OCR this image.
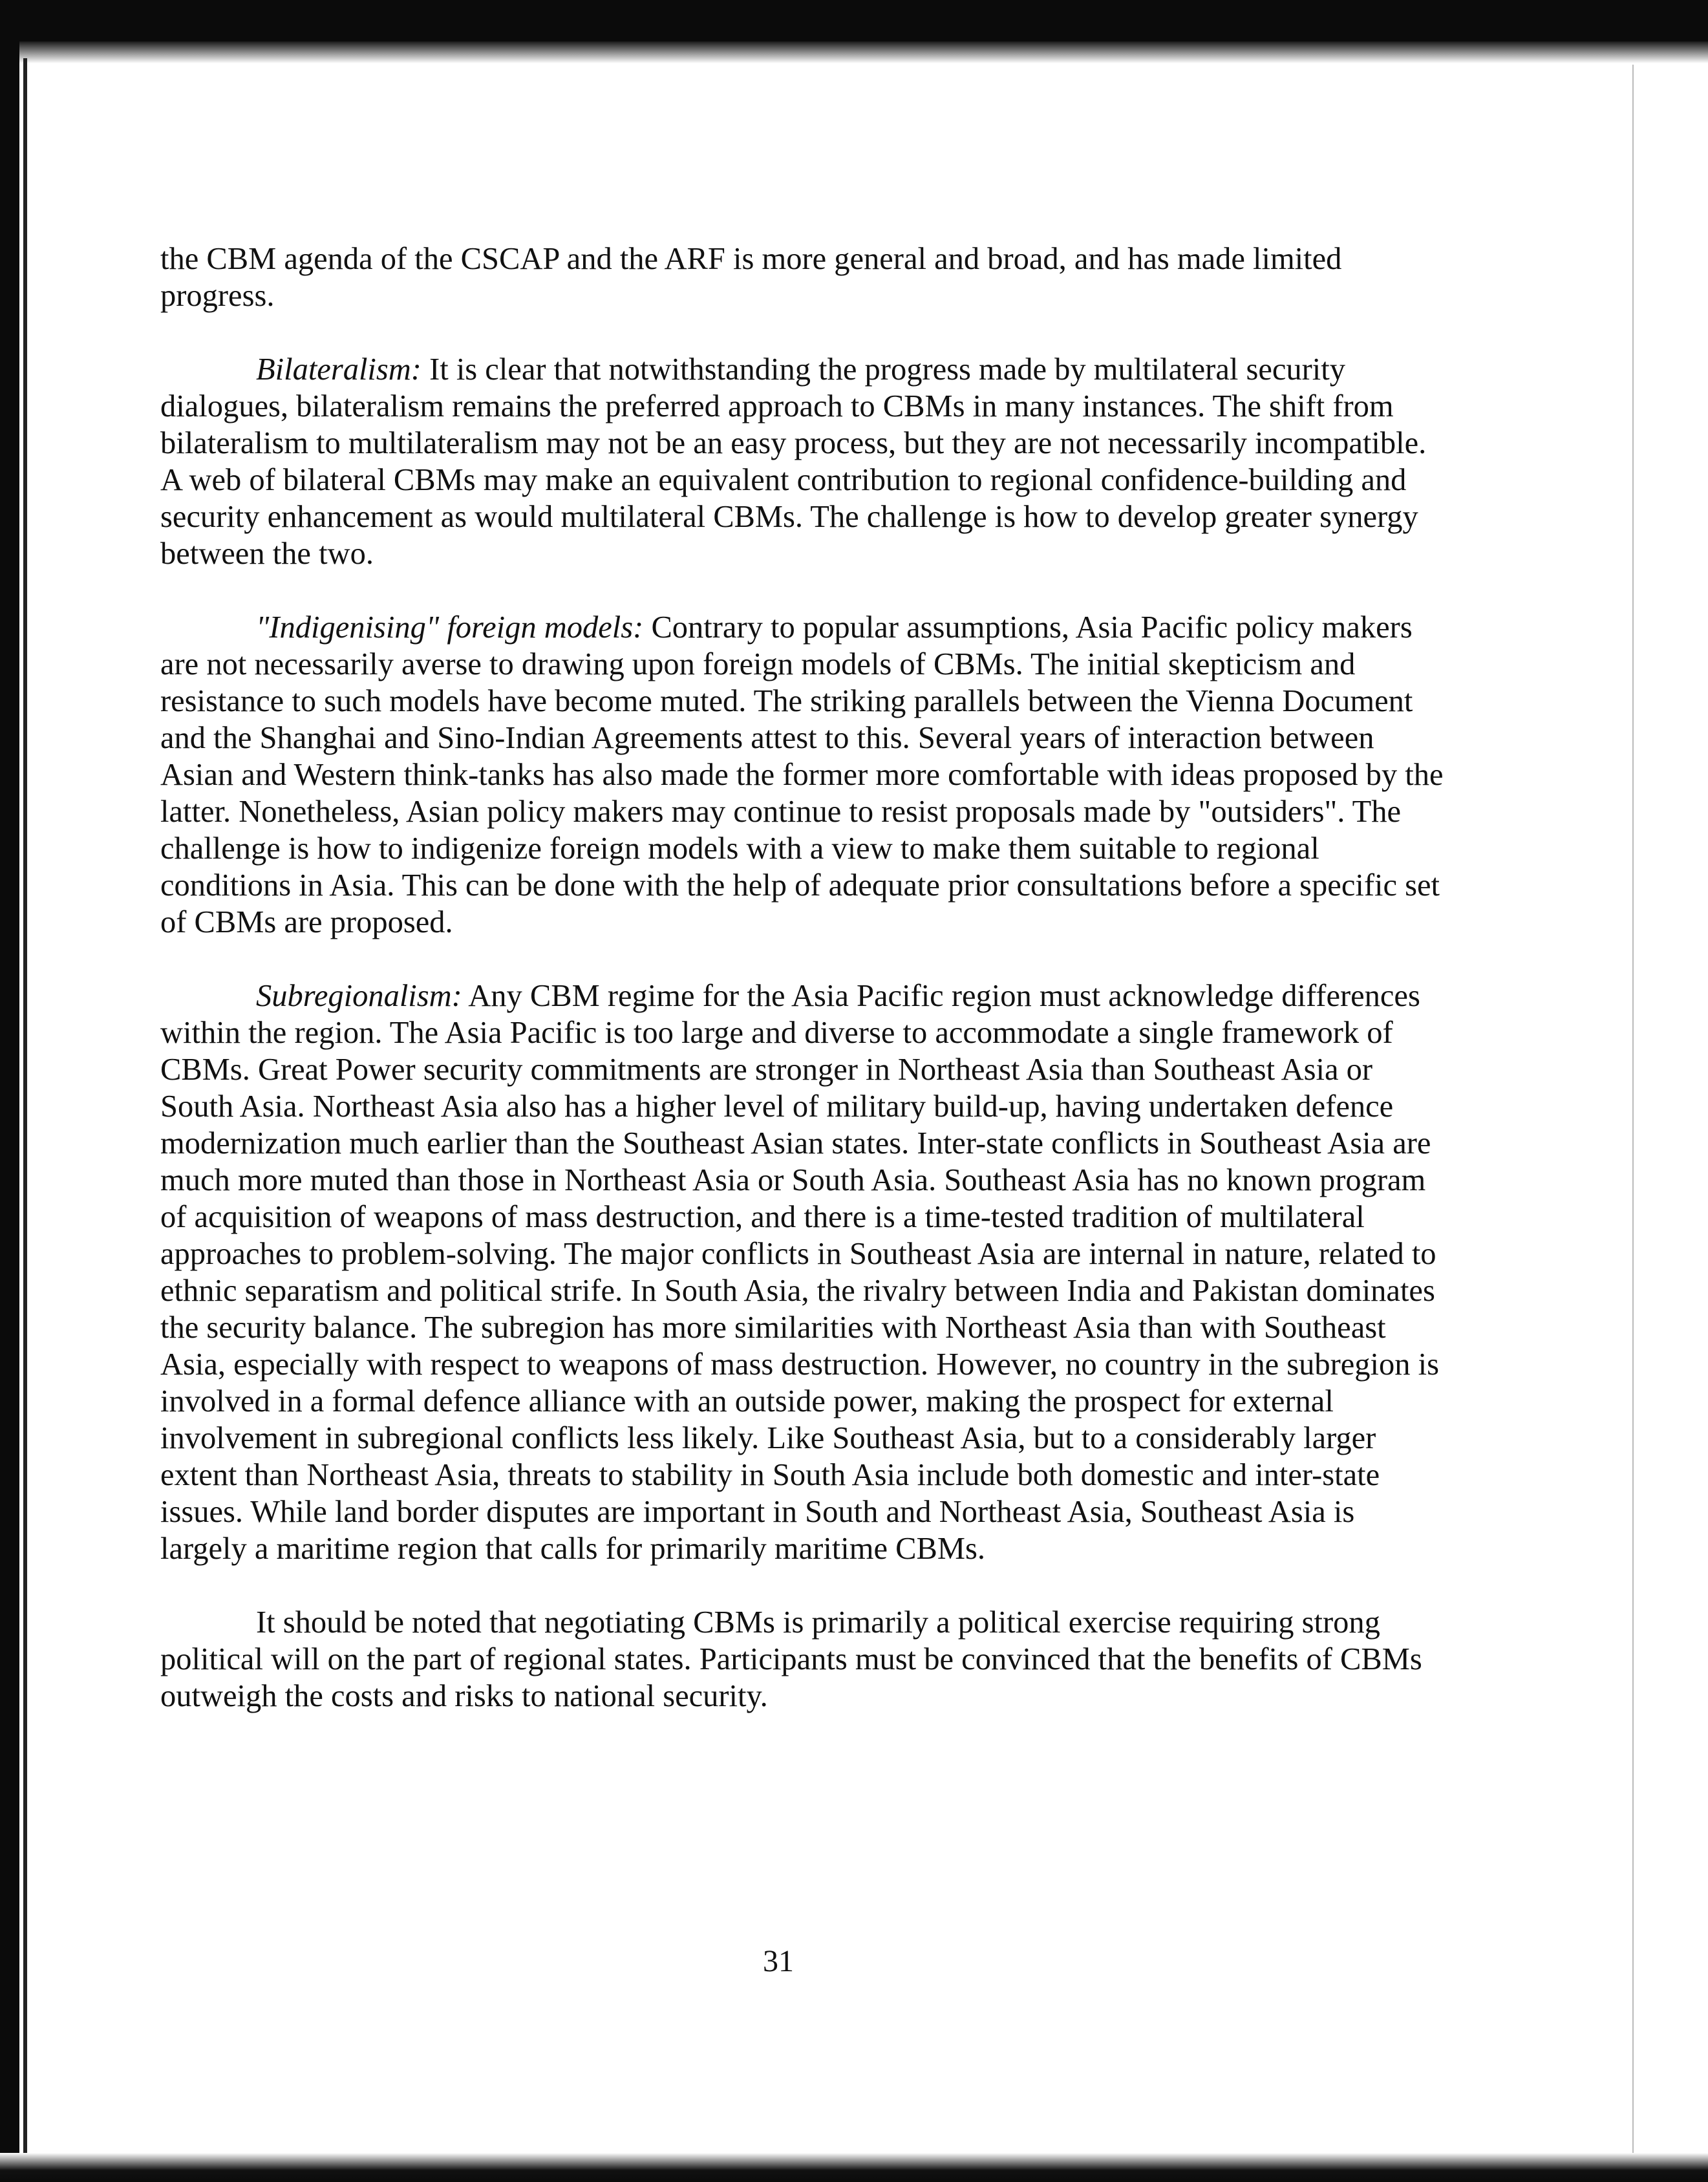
the CBM agenda of the CSCAP and the ARF is more general and broad, and has made limited progress.

Bilateralism: It is clear that notwithstanding the progress made by multilateral security dialogues, bilateralism remains the preferred approach to CBMs in many instances. The shift from bilateralism to multilateralism may not be an easy process, but they are not necessarily incompatible. A web of bilateral CBMs may make an equivalent contribution to regional confidence-building and security enhancement as would multilateral CBMs. The challenge is how to develop greater synergy between the two.

"Indigenising" foreign models: Contrary to popular assumptions, Asia Pacific policy makers are not necessarily averse to drawing upon foreign models of CBMs. The initial skepticism and resistance to such models have become muted. The striking parallels between the Vienna Document and the Shanghai and Sino-Indian Agreements attest to this. Several years of interaction between Asian and Western think-tanks has also made the former more comfortable with ideas proposed by the latter. Nonetheless, Asian policy makers may continue to resist proposals made by "outsiders". The challenge is how to indigenize foreign models with a view to make them suitable to regional conditions in Asia. This can be done with the help of adequate prior consultations before a specific set of CBMs are proposed.

Subregionalism: Any CBM regime for the Asia Pacific region must acknowledge differences within the region. The Asia Pacific is too large and diverse to accommodate a single framework of CBMs. Great Power security commitments are stronger in Northeast Asia than Southeast Asia or South Asia. Northeast Asia also has a higher level of military build-up, having undertaken defence modernization much earlier than the Southeast Asian states. Inter-state conflicts in Southeast Asia are much more muted than those in Northeast Asia or South Asia. Southeast Asia has no known program of acquisition of weapons of mass destruction, and there is a time-tested tradition of multilateral approaches to problem-solving. The major conflicts in Southeast Asia are internal in nature, related to ethnic separatism and political strife. In South Asia, the rivalry between India and Pakistan dominates the security balance. The subregion has more similarities with Northeast Asia than with Southeast Asia, especially with respect to weapons of mass destruction. However, no country in the subregion is involved in a formal defence alliance with an outside power, making the prospect for external involvement in subregional conflicts less likely. Like Southeast Asia, but to a considerably larger extent than Northeast Asia, threats to stability in South Asia include both domestic and inter-state issues. While land border disputes are important in South and Northeast Asia, Southeast Asia is largely a maritime region that calls for primarily maritime CBMs.

It should be noted that negotiating CBMs is primarily a political exercise requiring strong political will on the part of regional states. Participants must be convinced that the benefits of CBMs outweigh the costs and risks to national security.

31
